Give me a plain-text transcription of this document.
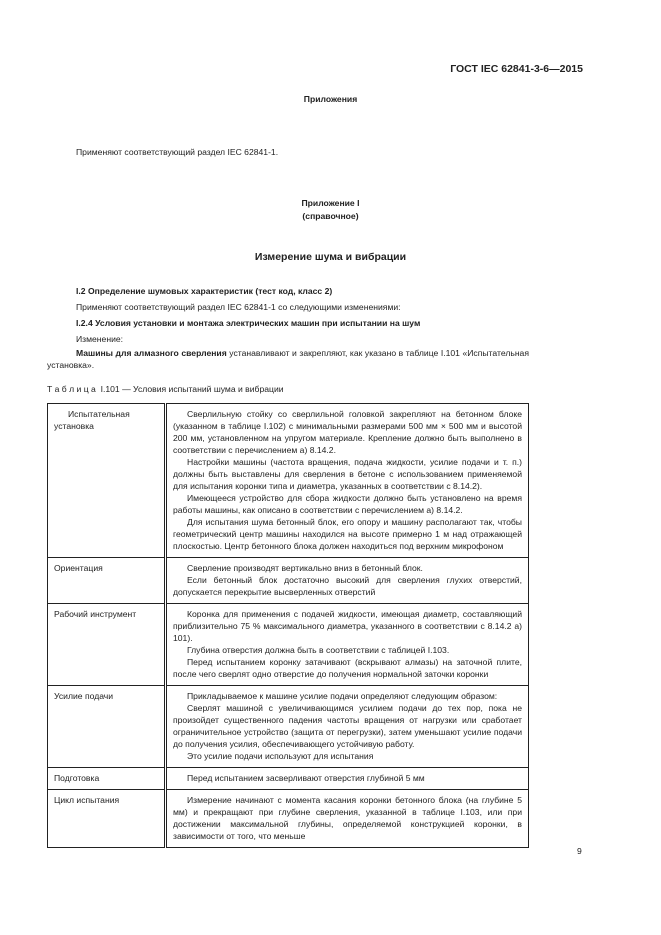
ГОСТ IEC 62841-3-6—2015
Приложения
Применяют соответствующий раздел IEC 62841-1.
Приложение I
(справочное)
Измерение шума и вибрации
I.2 Определение шумовых характеристик (тест код, класс 2)
Применяют соответствующий раздел IEC 62841-1 со следующими изменениями:
I.2.4 Условия установки и монтажа электрических машин при испытании на шум
Изменение:

Машины для алмазного сверления устанавливают и закрепляют, как указано в таблице I.101 «Испытательная установка».

Т а б л и ц а  I.101 — Условия испытаний шума и вибрации

Испытательная установка	Сверлильную стойку со сверлильной головкой закрепляют на бетонном блоке (указанном в таблице I.102) с минимальными размерами 500 мм × 500 мм и высотой 200 мм, установленном на упругом материале. Крепление должно быть выполнено в соответствии с перечислением а) 8.14.2.

Настройки машины (частота вращения, подача жидкости, усилие подачи и т. п.) должны быть выставлены для сверления в бетоне с использованием применяемой для испытания коронки типа и диаметра, указанных в соответствии с 8.14.2).

Имеющееся устройство для сбора жидкости должно быть установлено на время работы машины, как описано в соответствии с перечислением а) 8.14.2.

Для испытания шума бетонный блок, его опору и машину располагают так, чтобы геометрический центр машины находился на высоте примерно 1 м над отражающей плоскостью. Центр бетонного блока должен находиться под верхним микрофоном

Ориентация	Сверление производят вертикально вниз в бетонный блок.

Если бетонный блок достаточно высокий для сверления глухих отверстий, допускается перекрытие высверленных отверстий

Рабочий инструмент	Коронка для применения с подачей жидкости, имеющая диаметр, составляющий приблизительно 75 % максимального диаметра, указанного в соответствии с 8.14.2 а) 101).

Глубина отверстия должна быть в соответствии с таблицей I.103.

Перед испытанием коронку затачивают (вскрывают алмазы) на заточной плите, после чего сверлят одно отверстие до получения нормальной заточки коронки

Усилие подачи	Прикладываемое к машине усилие подачи определяют следующим образом:

Сверлят машиной с увеличивающимся усилием подачи до тех пор, пока не произойдет существенного падения частоты вращения от нагрузки или сработает ограничительное устройство (защита от перегрузки), затем уменьшают усилие подачи до получения усилия, обеспечивающего устойчивую работу.

Это усилие подачи используют для испытания

Подготовка	Перед испытанием засверливают отверстия глубиной 5 мм

Цикл испытания	Измерение начинают с момента касания коронки бетонного блока (на глубине 5 мм) и прекращают при глубине сверления, указанной в таблице I.103, или при достижении максимальной глубины, определяемой конструкцией коронки, в зависимости от того, что меньше

9
